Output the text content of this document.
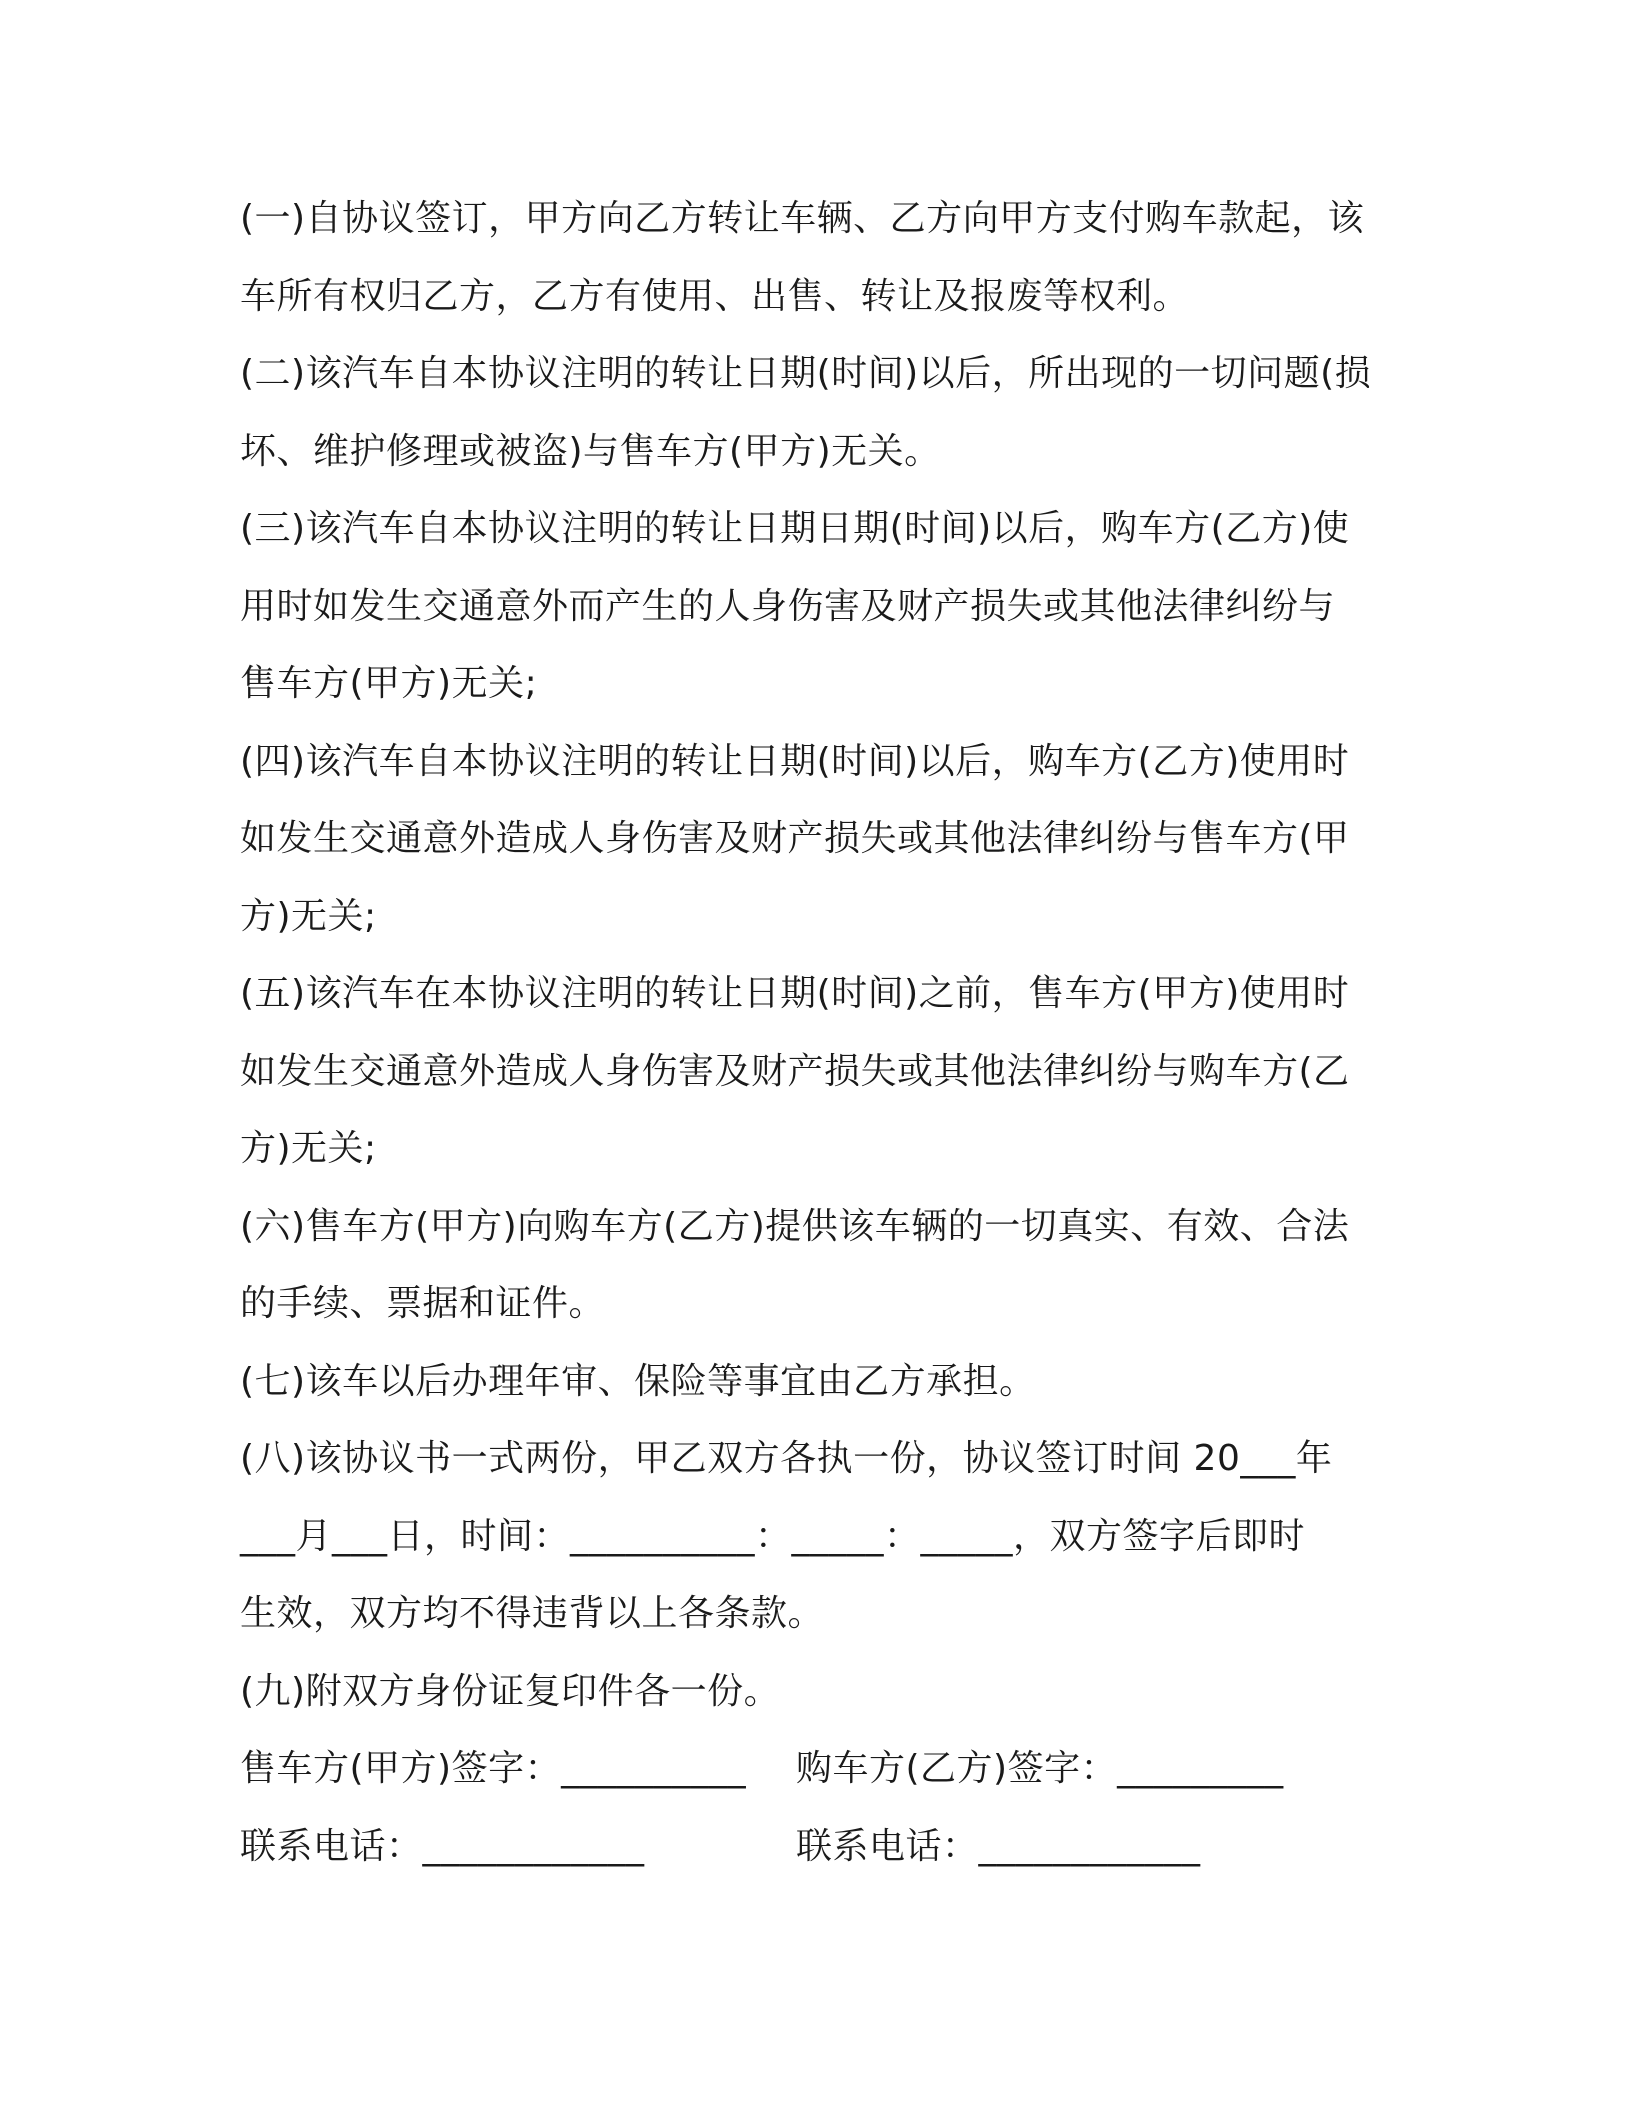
(一)自协议签订，甲方向乙方转让车辆、乙方向甲方支付购车款起，该
车所有权归乙方，乙方有使用、出售、转让及报废等权利。
(二)该汽车自本协议注明的转让日期(时间)以后，所出现的一切问题(损
坏、维护修理或被盗)与售车方(甲方)无关。
(三)该汽车自本协议注明的转让日期日期(时间)以后，购车方(乙方)使
用时如发生交通意外而产生的人身伤害及财产损失或其他法律纠纷与
售车方(甲方)无关;
(四)该汽车自本协议注明的转让日期(时间)以后，购车方(乙方)使用时
如发生交通意外造成人身伤害及财产损失或其他法律纠纷与售车方(甲
方)无关;
(五)该汽车在本协议注明的转让日期(时间)之前，售车方(甲方)使用时
如发生交通意外造成人身伤害及财产损失或其他法律纠纷与购车方(乙
方)无关;
(六)售车方(甲方)向购车方(乙方)提供该车辆的一切真实、有效、合法
的手续、票据和证件。
(七)该车以后办理年审、保险等事宜由乙方承担。
(八)该协议书一式两份，甲乙双方各执一份，协议签订时间 20___年
___月___日，时间：__________：_____：_____，双方签字后即时
生效，双方均不得违背以上各条款。
(九)附双方身份证复印件各一份。
售车方(甲方)签字：__________ 购车方(乙方)签字：_________
联系电话：____________	联系电话：____________
